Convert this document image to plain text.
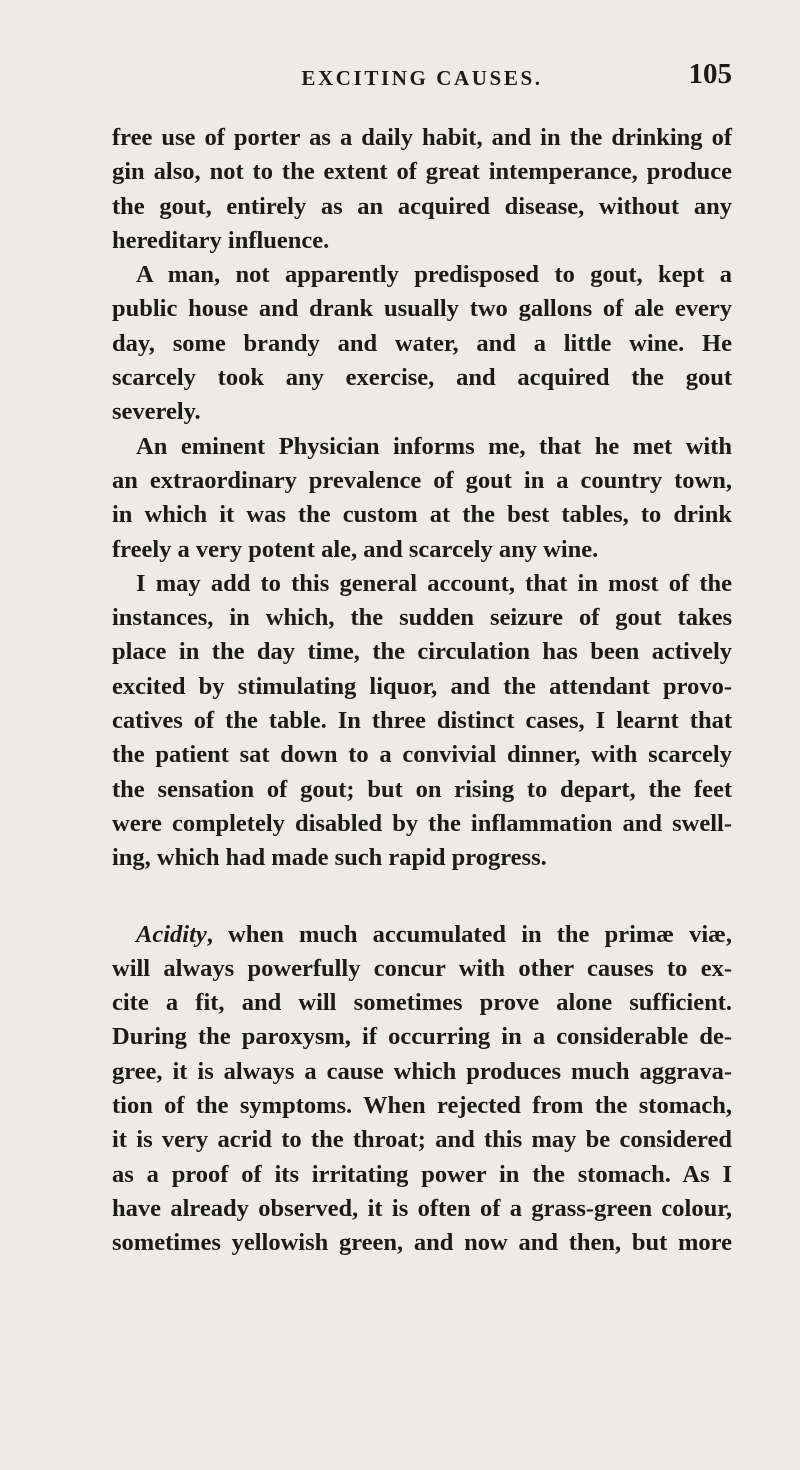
EXCITING CAUSES.	105
free use of porter as a daily habit, and in the drinking of
gin also, not to the extent of great intemperance, produce
the gout, entirely as an acquired disease, without any
hereditary influence.
A man, not apparently predisposed to gout, kept a
public house and drank usually two gallons of ale every
day, some brandy and water, and a little wine. He
scarcely took any exercise, and acquired the gout
severely.
An eminent Physician informs me, that he met with
an extraordinary prevalence of gout in a country town,
in which it was the custom at the best tables, to drink
freely a very potent ale, and scarcely any wine.
I may add to this general account, that in most of the
instances, in which, the sudden seizure of gout takes
place in the day time, the circulation has been actively
excited by stimulating liquor, and the attendant provo-
catives of the table. In three distinct cases, I learnt that
the patient sat down to a convivial dinner, with scarcely
the sensation of gout; but on rising to depart, the feet
were completely disabled by the inflammation and swell-
ing, which had made such rapid progress.
Acidity, when much accumulated in the primæ viæ,
will always powerfully concur with other causes to ex-
cite a fit, and will sometimes prove alone sufficient.
During the paroxysm, if occurring in a considerable de-
gree, it is always a cause which produces much aggrava-
tion of the symptoms. When rejected from the stomach,
it is very acrid to the throat; and this may be considered
as a proof of its irritating power in the stomach. As I
have already observed, it is often of a grass-green colour,
sometimes yellowish green, and now and then, but more
